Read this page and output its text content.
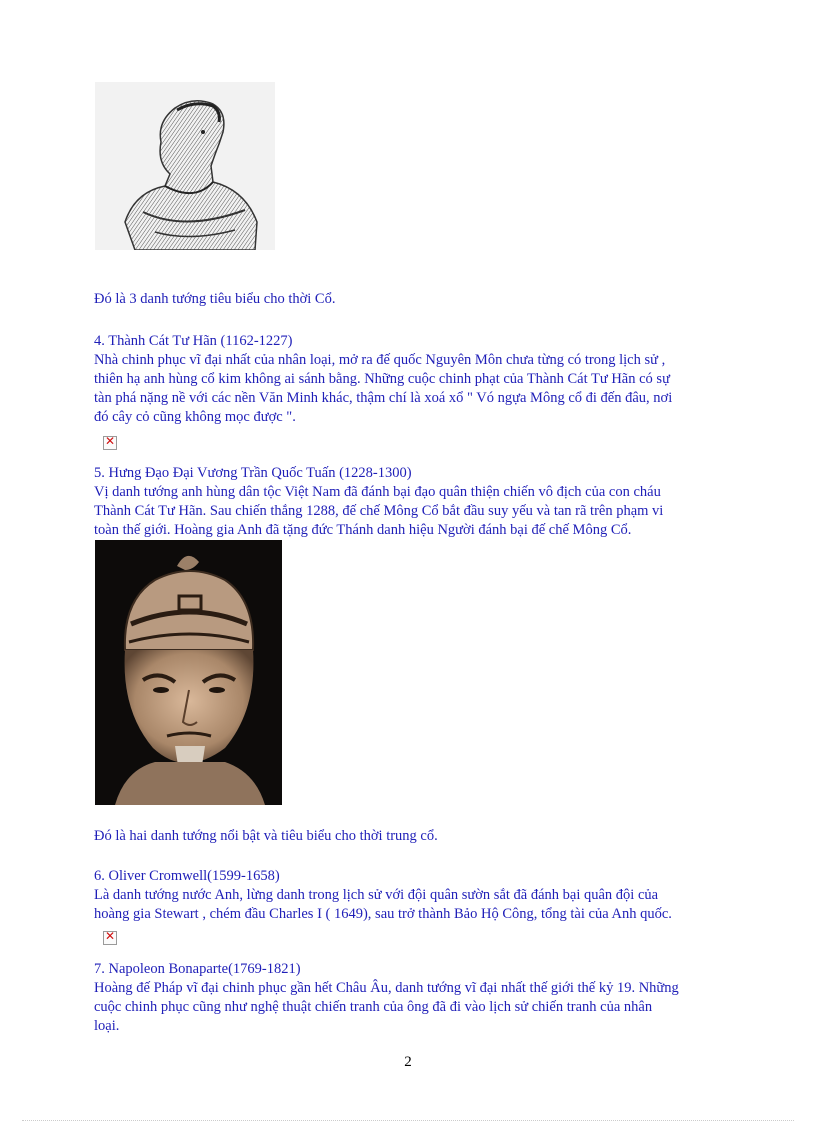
Đó là 3 danh tướng tiêu biểu cho thời Cổ.

4. Thành Cát Tư Hãn (1162-1227)

Nhà chinh phục vĩ đại nhất của nhân loại, mở ra đế quốc Nguyên Môn chưa từng có trong lịch sử ,

thiên hạ anh hùng cổ kim không ai sánh bằng. Những cuộc chinh phạt của Thành Cát Tư Hãn có sự

tàn phá nặng nề với các nền Văn Minh khác, thậm chí là xoá xổ " Vó ngựa Mông cổ đi đến đâu, nơi

đó cây cỏ cũng không mọc được ".

✕

5. Hưng Đạo Đại Vương Trần Quốc Tuấn (1228-1300)

Vị danh tướng anh hùng dân tộc Việt Nam đã đánh bại đạo quân thiện chiến vô địch của con cháu

Thành Cát Tư Hãn. Sau chiến thắng 1288, đế chế Mông Cổ bắt đầu suy yếu và tan rã trên phạm vi

toàn thế giới. Hoàng gia Anh đã tặng đức Thánh danh hiệu Người đánh bại đế chế Mông Cổ.

Đó là hai danh tướng nổi bật và tiêu biểu cho thời trung cổ.

6. Oliver Cromwell(1599-1658)

Là danh tướng nước Anh, lừng danh trong lịch sử với đội quân sườn sắt đã đánh bại quân đội của

hoàng gia Stewart , chém đầu Charles I ( 1649), sau trở thành Bảo Hộ Công, tổng tài của Anh quốc.

✕

7. Napoleon Bonaparte(1769-1821)

Hoàng đế Pháp vĩ đại chinh phục gần hết Châu Âu, danh tướng vĩ đại nhất thế giới thế kỷ 19. Những

cuộc chinh phục cũng như nghệ thuật chiến tranh của ông đã đi vào lịch sử chiến tranh của nhân

loại.

2
